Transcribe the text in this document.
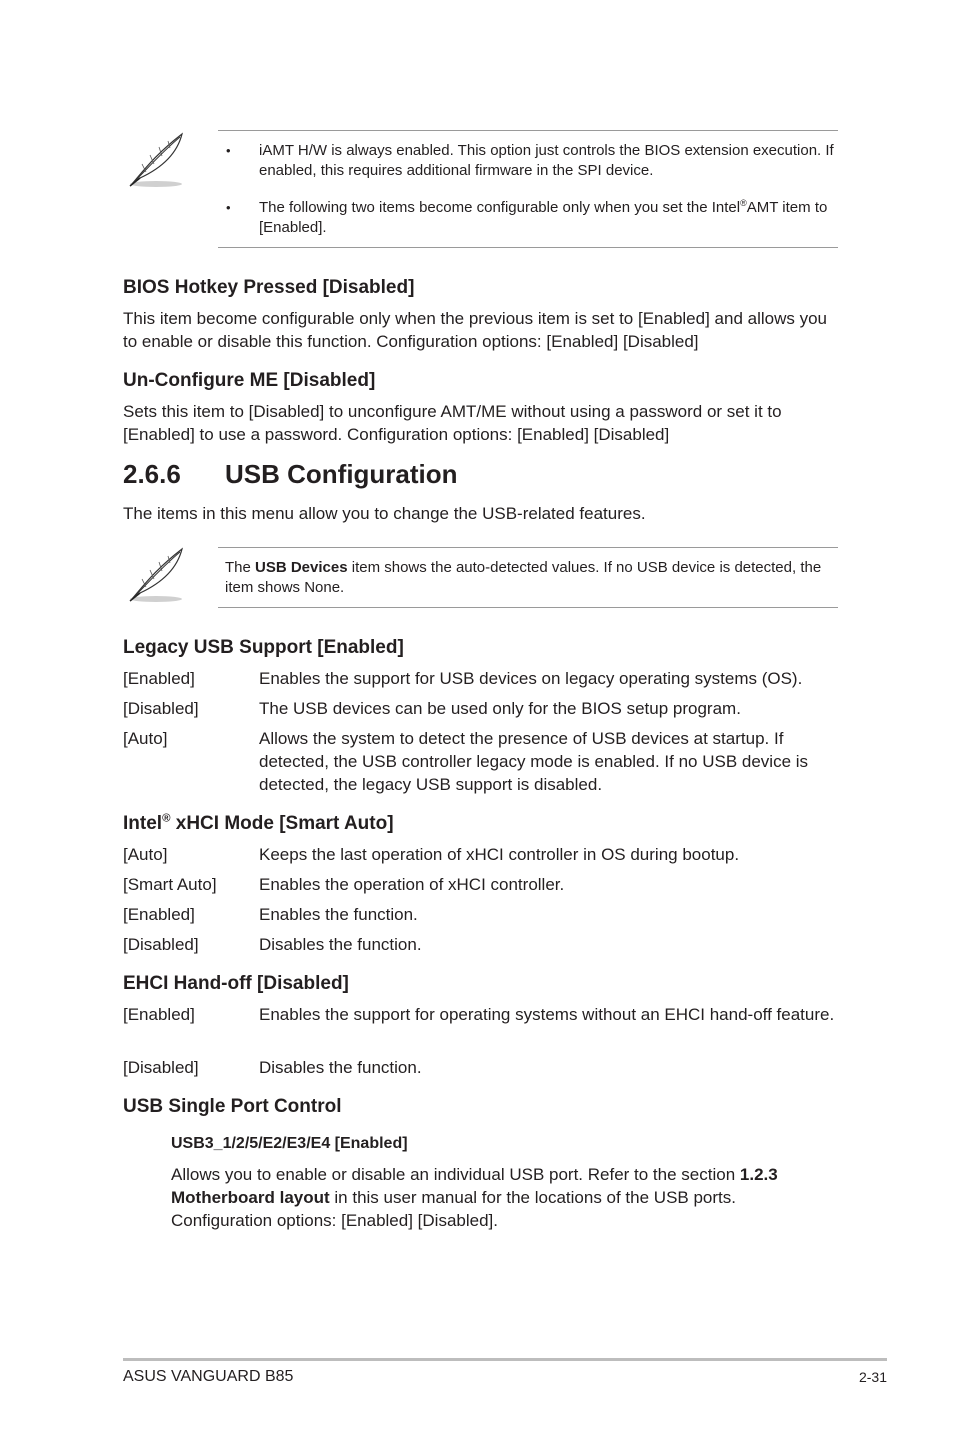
• iAMT H/W is always enabled. This option just controls the BIOS extension execution. If enabled, this requires additional firmware in the SPI device.
• The following two items become configurable only when you set the Intel®AMT item to [Enabled].
BIOS Hotkey Pressed [Disabled]
This item become configurable only when the previous item is set to [Enabled] and allows you to enable or disable this function. Configuration options: [Enabled] [Disabled]
Un-Configure ME [Disabled]
Sets this item to [Disabled] to unconfigure AMT/ME without using a password or set it to [Enabled] to use a password. Configuration options: [Enabled] [Disabled]
2.6.6 USB Configuration
The items in this menu allow you to change the USB-related features.
The USB Devices item shows the auto-detected values. If no USB device is detected, the item shows None.
Legacy USB Support [Enabled]
[Enabled]	Enables the support for USB devices on legacy operating systems (OS).
[Disabled]	The USB devices can be used only for the BIOS setup program.
[Auto]	Allows the system to detect the presence of USB devices at startup. If detected, the USB controller legacy mode is enabled. If no USB device is detected, the legacy USB support is disabled.
Intel® xHCI Mode [Smart Auto]
[Auto]	Keeps the last operation of xHCI controller in OS during bootup.
[Smart Auto] Enables the operation of xHCI controller.
[Enabled]	Enables the function.
[Disabled]	Disables the function.
EHCI Hand-off [Disabled]
[Enabled]	Enables the support for operating systems without an EHCI hand-off feature.
[Disabled]	Disables the function.
USB Single Port Control
USB3_1/2/5/E2/E3/E4 [Enabled]
Allows you to enable or disable an individual USB port. Refer to the section 1.2.3 Motherboard layout in this user manual for the locations of the USB ports. Configuration options: [Enabled] [Disabled].
ASUS VANGUARD B85	2-31
